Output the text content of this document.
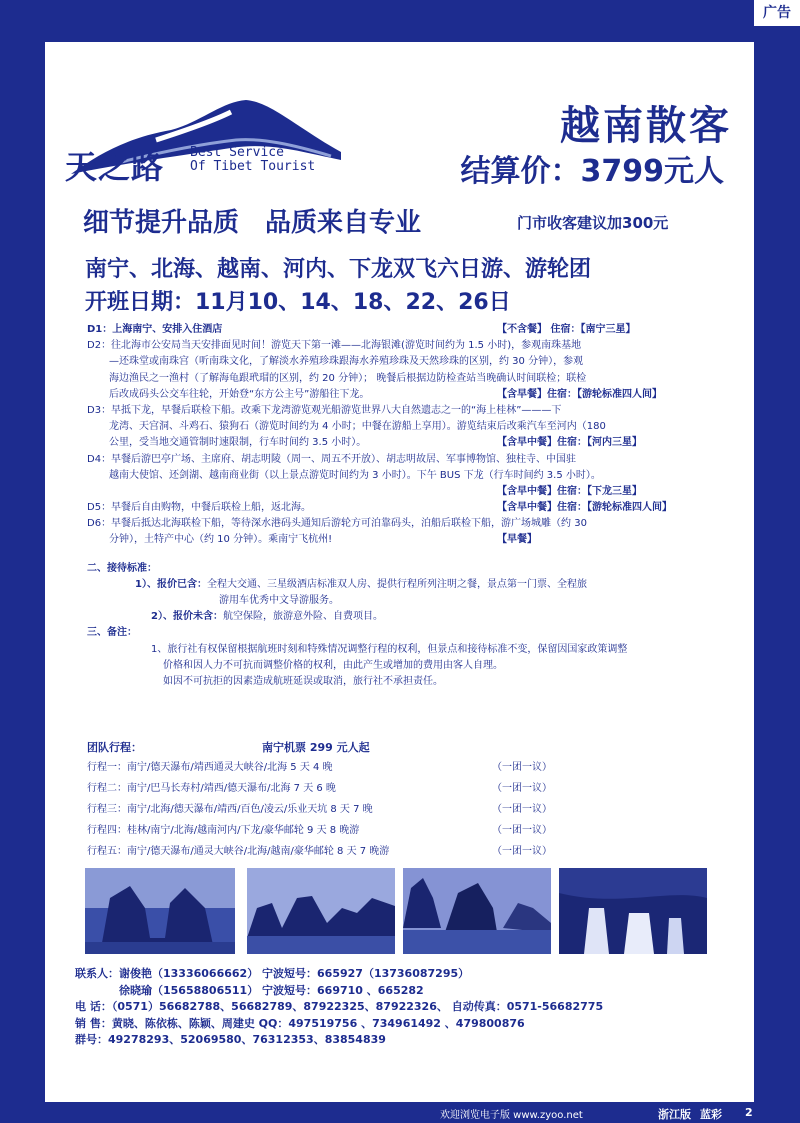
广告
天之路 Best Service
Of Tibet Tourist
越南散客
结算价：3799元人
细节提升品质　品质来自专业	门市收客建议加300元
南宁、北海、越南、河内、下龙双飞六日游、游轮团
开班日期：11月10、14、18、22、26日
D1：上海南宁、安排入住酒店	【不含餐】 住宿：【南宁三星】
D2：往北海市公安局当天安排面见时间！游览天下第一滩——北海银滩(游览时间约为 1.5 小时)，参观南珠基地
—还珠堂或南珠宫（听南珠文化，了解淡水养殖珍珠跟海水养殖珍珠及天然珍珠的区别，约 30 分钟），参观
海边渔民之一渔村（了解海龟跟玳瑁的区别，约 20 分钟）； 晚餐后根据边防检查站当晚确认时间联检；联检
后改成码头公交车往轮，开始登“东方公主号”游船往下龙。	【含早餐】住宿：【游轮标准四人间】
D3：早抵下龙，早餐后联检下船。改乘下龙湾游览观光船游览世界八大自然遗志之一的“海上桂林”———下
龙湾、天宫洞、斗鸡石、猿狗石（游览时间约为 4 小时；中餐在游船上享用）。游览结束后改乘汽车至河内（180
公里，受当地交通管制时速限制，行车时间约 3.5 小时）。	【含早中餐】住宿：【河内三星】
D4：早餐后游巴亭广场、主席府、胡志明陵（周一、周五不开放）、胡志明故居、军事博物馆、独柱寺、中国驻
越南大使馆、还剑湖、越南商业街（以上景点游览时间约为 3 小时）。下午 BUS 下龙（行车时间约 3.5 小时）。
【含早中餐】住宿：【下龙三星】
D5：早餐后自由购物，中餐后联检上船，返北海。	【含早中餐】住宿：【游轮标准四人间】
D6：早餐后抵达北海联检下船，等待深水港码头通知后游轮方可泊靠码头，泊船后联检下船，游广场城雕（约 30
分钟），土特产中心（约 10 分钟）。乘南宁飞杭州!	【早餐】
二、接待标准：
1）、报价已含：全程大交通、三星级酒店标准双人房、提供行程所列注明之餐，景点第一门票、全程旅
游用车优秀中文导游服务。
2）、报价未含：航空保险，旅游意外险、自费项目。
三、备注：
1、旅行社有权保留根据航班时刻和特殊情况调整行程的权利，但景点和接待标准不变，保留因国家政策调整
价格和因人力不可抗而调整价格的权利，由此产生或增加的费用由客人自理。
如因不可抗拒的因素造成航班延误或取消，旅行社不承担责任。
团队行程：	南宁机票 299 元人起
行程一：南宁/德天瀑布/靖西通灵大峡谷/北海 5 天 4 晚	（一团一议）
行程二：南宁/巴马长寿村/靖西/德天瀑布/北海 7 天 6 晚	（一团一议）
行程三：南宁/北海/德天瀑布/靖西/百色/凌云/乐业天坑 8 天 7 晚	（一团一议）
行程四：桂林/南宁/北海/越南河内/下龙/豪华邮轮 9 天 8 晚游	（一团一议）
行程五：南宁/德天瀑布/通灵大峡谷/北海/越南/豪华邮轮 8 天 7 晚游	（一团一议）
联系人：谢俊艳（13336066662） 宁波短号：665927（13736087295）
　　　　徐晓瑜（15658806511） 宁波短号：669710 、665282
电 话：（0571）56682788、56682789、87922325、87922326、 自动传真：0571-56682775
销 售：黄晓、陈依栋、陈颖、周建史 QQ：497519756 、734961492 、479800876
群号：49278293、52069580、76312353、83854839
欢迎浏览电子版 www.zyoo.net	浙江版 蓝彩 2
